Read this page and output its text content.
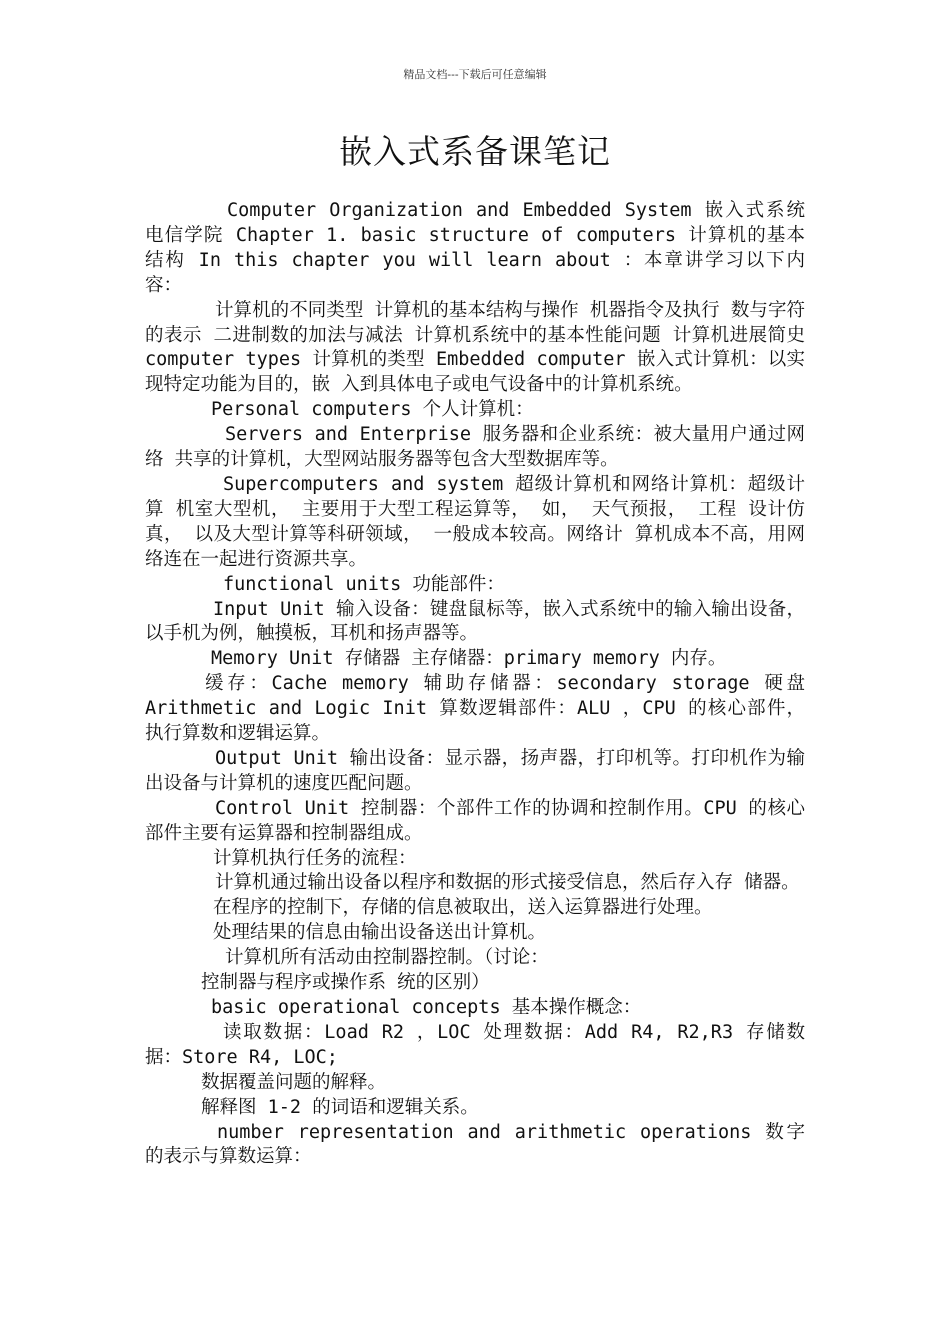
精品文档---下载后可任意编辑
嵌入式系备课笔记

Computer Organization and Embedded System 嵌入式系统电信学院 Chapter 1. basic structure of computers 计算机的基本结构 In this chapter you will learn about ：本章讲学习以下内容：

计算机的不同类型 计算机的基本结构与操作 机器指令及执行 数与字符的表示 二进制数的加法与减法 计算机系统中的基本性能问题 计算机进展简史 computer types 计算机的类型 Embedded computer 嵌入式计算机：以实现特定功能为目的，嵌 入到具体电子或电气设备中的计算机系统。

Personal computers 个人计算机：

Servers and Enterprise 服务器和企业系统：被大量用户通过网络 共享的计算机，大型网站服务器等包含大型数据库等。

Supercomputers and system 超级计算机和网络计算机：超级计算 机室大型机， 主要用于大型工程运算等， 如， 天气预报， 工程 设计仿真， 以及大型计算等科研领域， 一般成本较高。网络计 算机成本不高，用网络连在一起进行资源共享。

functional units 功能部件：

Input Unit 输入设备：键盘鼠标等，嵌入式系统中的输入输出设备， 以手机为例，触摸板，耳机和扬声器等。

Memory Unit 存储器 主存储器：primary memory 内存。

缓存：Cache memory 辅助存储器：secondary storage 硬盘 Arithmetic and Logic Init 算数逻辑部件：ALU ，CPU 的核心部件， 执行算数和逻辑运算。

Output Unit 输出设备：显示器，扬声器，打印机等。打印机作为输 出设备与计算机的速度匹配问题。

Control Unit 控制器：个部件工作的协调和控制作用。CPU 的核心 部件主要有运算器和控制器组成。

计算机执行任务的流程：

计算机通过输出设备以程序和数据的形式接受信息，然后存入存 储器。

在程序的控制下，存储的信息被取出，送入运算器进行处理。

处理结果的信息由输出设备送出计算机。

计算机所有活动由控制器控制。（讨论：

控制器与程序或操作系 统的区别）

basic operational concepts 基本操作概念：

读取数据：Load R2 ，LOC 处理数据：Add R4, R2,R3 存储数据：Store R4, LOC;

数据覆盖问题的解释。

解释图 1-2 的词语和逻辑关系。

number representation and arithmetic operations 数字的表示与算数运算：
